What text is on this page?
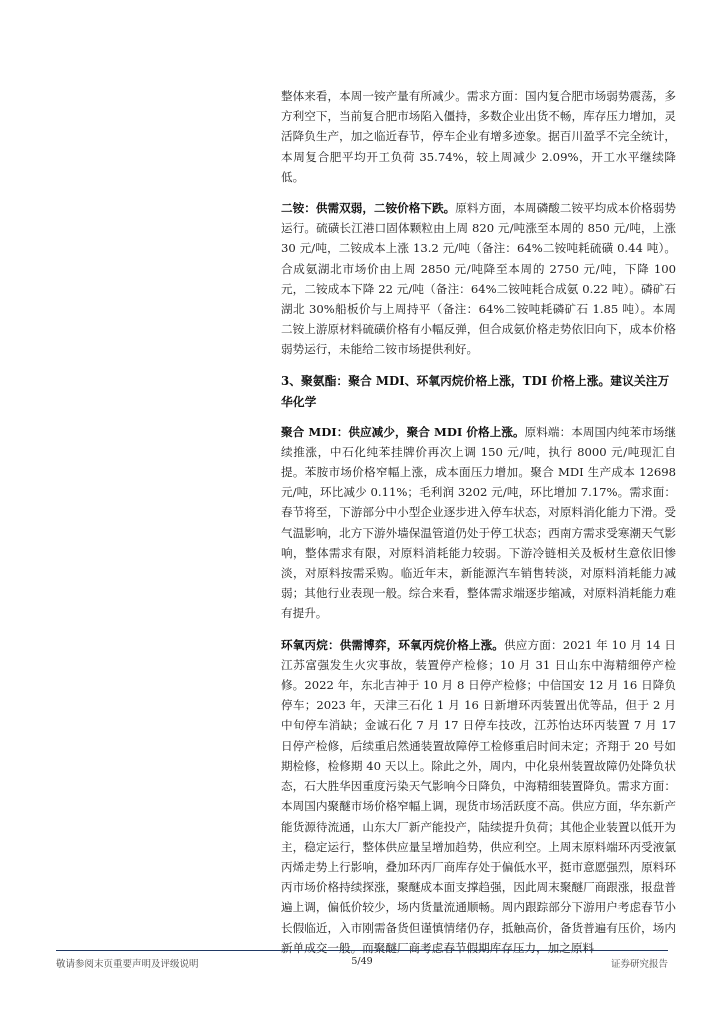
整体来看，本周一铵产量有所减少。需求方面：国内复合肥市场弱势震荡，多方利空下，当前复合肥市场陷入僵持，多数企业出货不畅，库存压力增加，灵活降负生产，加之临近春节，停车企业有增多迹象。据百川盈孚不完全统计，本周复合肥平均开工负荷 35.74%，较上周减少 2.09%，开工水平继续降低。

二铵：供需双弱，二铵价格下跌。原料方面，本周磷酸二铵平均成本价格弱势运行。硫磺长江港口固体颗粒由上周 820 元/吨涨至本周的 850 元/吨，上涨 30 元/吨，二铵成本上涨 13.2 元/吨（备注：64%二铵吨耗硫磺 0.44 吨）。合成氨湖北市场价由上周 2850 元/吨降至本周的 2750 元/吨，下降 100 元，二铵成本下降 22 元/吨（备注：64%二铵吨耗合成氨 0.22 吨）。磷矿石湖北 30%船板价与上周持平（备注：64%二铵吨耗磷矿石 1.85 吨）。本周二铵上游原材料硫磺价格有小幅反弹，但合成氨价格走势依旧向下，成本价格弱势运行，未能给二铵市场提供利好。

3、聚氨酯：聚合 MDI、环氧丙烷价格上涨，TDI 价格上涨。建议关注万华化学

聚合 MDI：供应减少，聚合 MDI 价格上涨。原料端：本周国内纯苯市场继续推涨，中石化纯苯挂牌价再次上调 150 元/吨，执行 8000 元/吨现汇自提。苯胺市场价格窄幅上涨，成本面压力增加。聚合 MDI 生产成本 12698 元/吨，环比减少 0.11%；毛利润 3202 元/吨，环比增加 7.17%。需求面：春节将至，下游部分中小型企业逐步进入停车状态，对原料消化能力下滑。受气温影响，北方下游外墙保温管道仍处于停工状态；西南方需求受寒潮天气影响，整体需求有限，对原料消耗能力较弱。下游冷链相关及板材生意依旧惨淡，对原料按需采购。临近年末，新能源汽车销售转淡，对原料消耗能力减弱；其他行业表现一般。综合来看，整体需求端逐步缩减，对原料消耗能力难有提升。

环氧丙烷：供需博弈，环氧丙烷价格上涨。供应方面：2021 年 10 月 14 日江苏富强发生火灾事故，装置停产检修；10 月 31 日山东中海精细停产检修。2022 年，东北吉神于 10 月 8 日停产检修；中信国安 12 月 16 日降负停车；2023 年，天津三石化 1 月 16 日新增环丙装置出优等品，但于 2 月中旬停车消缺；金诚石化 7 月 17 日停车技改，江苏怡达环丙装置 7 月 17 日停产检修，后续重启然通装置故障停工检修重启时间未定；齐翔于 20 号如期检修，检修期 40 天以上。除此之外，周内，中化泉州装置故障仍处降负状态，石大胜华因重度污染天气影响今日降负，中海精细装置降负。需求方面：本周国内聚醚市场价格窄幅上调，现货市场活跃度不高。供应方面，华东新产能货源待流通，山东大厂新产能投产，陆续提升负荷；其他企业装置以低开为主，稳定运行，整体供应量呈增加趋势，供应利空。上周末原料端环丙受液氯丙烯走势上行影响，叠加环丙厂商库存处于偏低水平，挺市意愿强烈，原料环丙市场价格持续探涨，聚醚成本面支撑趋强，因此周末聚醚厂商跟涨，报盘普遍上调，偏低价较少，场内货量流通顺畅。周内跟踪部分下游用户考虑春节小长假临近，入市刚需备货但谨慎情绪仍存，抵触高价，备货普遍有压价，场内新单成交一般。而聚醚厂商考虑春节假期库存压力，加之原料

敬请参阅末页重要声明及评级说明	5/49	证券研究报告
